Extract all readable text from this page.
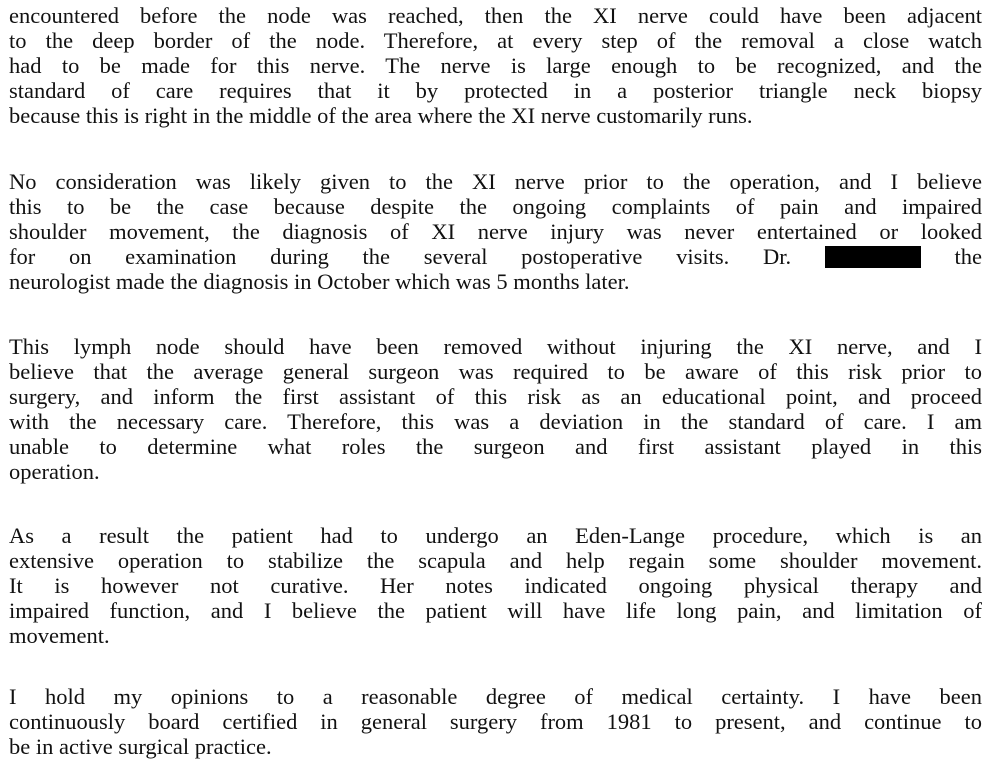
encountered before the node was reached, then the XI nerve could have been adjacent
to the deep border of the node. Therefore, at every step of the removal a close watch
had to be made for this nerve. The nerve is large enough to be recognized, and the
standard of care requires that it by protected in a posterior triangle neck biopsy
because this is right in the middle of the area where the XI nerve customarily runs.
No consideration was likely given to the XI nerve prior to the operation, and I believe
this to be the case because despite the ongoing complaints of pain and impaired
shoulder movement, the diagnosis of XI nerve injury was never entertained or looked
for on examination during the several postoperative visits. Dr.	the
neurologist made the diagnosis in October which was 5 months later.
This lymph node should have been removed without injuring the XI nerve, and I
believe that the average general surgeon was required to be aware of this risk prior to
surgery, and inform the first assistant of this risk as an educational point, and proceed
with the necessary care. Therefore, this was a deviation in the standard of care. I am
unable to determine what roles the surgeon and first assistant played in this
operation.
As a result the patient had to undergo an Eden-Lange procedure, which is an
extensive operation to stabilize the scapula and help regain some shoulder movement.
It is however not curative. Her notes indicated ongoing physical therapy and
impaired function, and I believe the patient will have life long pain, and limitation of
movement.
I hold my opinions to a reasonable degree of medical certainty. I have been
continuously board certified in general surgery from 1981 to present, and continue to
be in active surgical practice.
